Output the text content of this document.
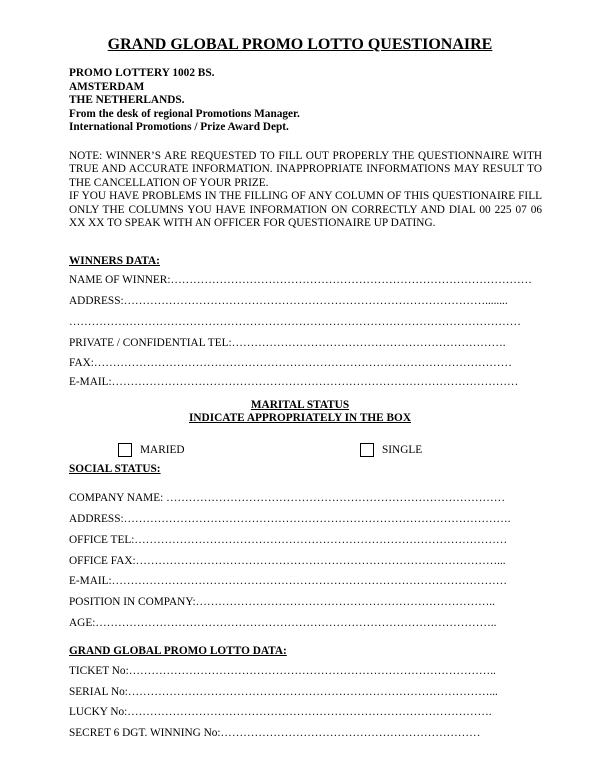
GRAND GLOBAL PROMO LOTTO QUESTIONAIRE
PROMO LOTTERY 1002 BS.
AMSTERDAM
THE NETHERLANDS.
From the desk of regional Promotions Manager.
International Promotions / Prize Award Dept.

NOTE: WINNER’S ARE REQUESTED TO FILL OUT PROPERLY THE QUESTIONNAIRE WITH TRUE AND ACCURATE INFORMATION. INAPPROPRIATE INFORMATIONS MAY RESULT TO THE CANCELLATION OF YOUR PRIZE.

IF YOU HAVE PROBLEMS IN THE FILLING OF ANY COLUMN OF THIS QUESTIONAIRE FILL ONLY THE COLUMNS YOU HAVE INFORMATION ON CORRECTLY AND DIAL 00 225 07 06 XX XX TO SPEAK WITH AN OFFICER FOR QUESTIONAIRE UP DATING.

WINNERS DATA:
NAME OF WINNER:……………………………………………………………………………………
ADDRESS:……………………………………………………………………………………........
…………………………………………………………………………………………………………
PRIVATE / CONFIDENTIAL TEL:……………………………………………………………….
FAX:…………………………………………………………………………………………………
E-MAIL:………………………………………………………………………………………………
MARITAL STATUS
INDICATE APPROPRIATELY IN THE BOX
MARIED	SINGLE
SOCIAL STATUS:
COMPANY NAME: ………………………………………………………………………………
ADDRESS:………………………………………………………………………………………….
OFFICE TEL:………………………………………………………………………………………
OFFICE FAX:……………………………………………………………………………………...
E-MAIL:……………………………………………………………………………………………
POSITION IN COMPANY:……………………………………………………………………..
AGE:……………………………………………………………………………………………..
GRAND GLOBAL PROMO LOTTO DATA:
TICKET No:……………………………………………………………………………………..
SERIAL No:……………………………………………………………………………………...
LUCKY No:…………………………………………………………………………………….
SECRET 6 DGT. WINNING No:……………………………………………………………
